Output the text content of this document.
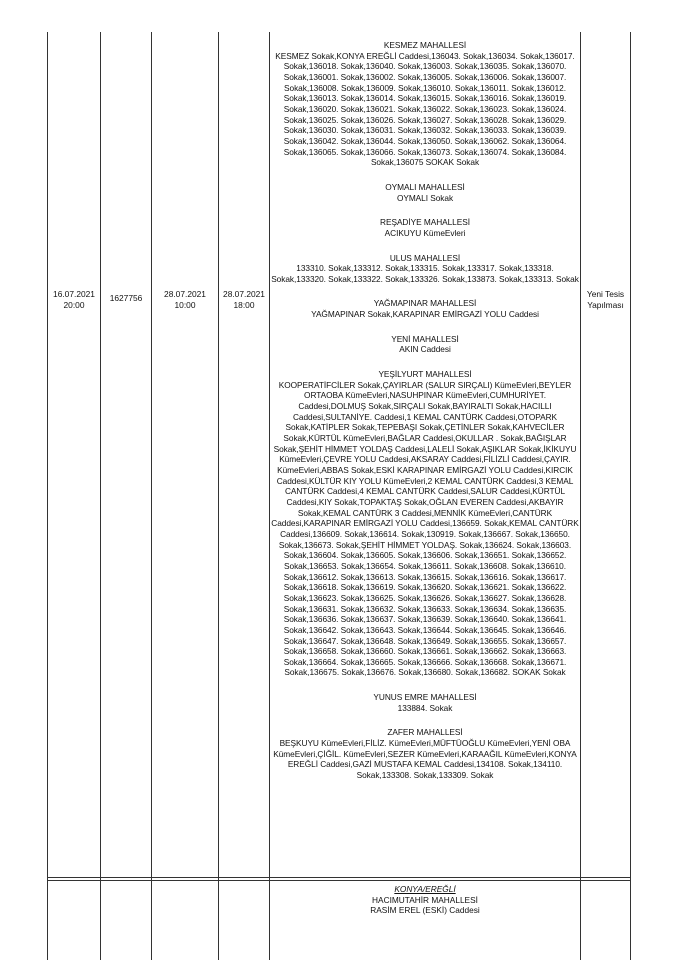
16.07.2021
20:00
1627756	28.07.2021
10:00
28.07.2021
18:00
Yeni Tesis
Yapılması
KESMEZ MAHALLESİ
KESMEZ Sokak,KONYA EREĞLİ Caddesi,136043. Sokak,136034. Sokak,136017. Sokak,136018. Sokak,136040. Sokak,136003. Sokak,136035. Sokak,136070. Sokak,136001. Sokak,136002. Sokak,136005. Sokak,136006. Sokak,136007. Sokak,136008. Sokak,136009. Sokak,136010. Sokak,136011. Sokak,136012. Sokak,136013. Sokak,136014. Sokak,136015. Sokak,136016. Sokak,136019. Sokak,136020. Sokak,136021. Sokak,136022. Sokak,136023. Sokak,136024. Sokak,136025. Sokak,136026. Sokak,136027. Sokak,136028. Sokak,136029. Sokak,136030. Sokak,136031. Sokak,136032. Sokak,136033. Sokak,136039. Sokak,136042. Sokak,136044. Sokak,136050. Sokak,136062. Sokak,136064. Sokak,136065. Sokak,136066. Sokak,136073. Sokak,136074. Sokak,136084. Sokak,136075 SOKAK Sokak
OYMALI MAHALLESİ
OYMALI Sokak
REŞADİYE MAHALLESİ
ACIKUYU KümeEvleri
ULUS MAHALLESİ
133310. Sokak,133312. Sokak,133315. Sokak,133317. Sokak,133318. Sokak,133320. Sokak,133322. Sokak,133326. Sokak,133873. Sokak,133313. Sokak
YAĞMAPINAR MAHALLESİ
YAĞMAPINAR Sokak,KARAPINAR EMİRGAZİ YOLU Caddesi
YENİ MAHALLESİ
AKIN Caddesi
YEŞİLYURT MAHALLESİ
KOOPERATİFCİLER Sokak,ÇAYIRLAR (SALUR SIRÇALI) KümeEvleri,BEYLER ORTAOBA KümeEvleri,NASUHPINAR KümeEvleri,CUMHURİYET. Caddesi,DOLMUŞ Sokak,SIRÇALI Sokak,BAYIRALTI Sokak,HACILLI Caddesi,SULTANİYE. Caddesi,1 KEMAL CANTÜRK Caddesi,OTOPARK Sokak,KATİPLER Sokak,TEPEBAŞI Sokak,ÇETİNLER Sokak,KAHVECİLER Sokak,KÜRTÜL KümeEvleri,BAĞLAR Caddesi,OKULLAR . Sokak,BAĞIŞLAR Sokak,ŞEHİT HİMMET YOLDAŞ Caddesi,LALELİ Sokak,AŞIKLAR Sokak,İKİKUYU KümeEvleri,ÇEVRE YOLU Caddesi,AKSARAY Caddesi,FİLİZLİ Caddesi,ÇAYIR. KümeEvleri,ABBAS Sokak,ESKİ KARAPINAR EMİRGAZİ YOLU Caddesi,KIRCIK Caddesi,KÜLTÜR KIY YOLU KümeEvleri,2 KEMAL CANTÜRK Caddesi,3 KEMAL CANTÜRK Caddesi,4 KEMAL CANTÜRK Caddesi,SALUR Caddesi,KÜRTÜL Caddesi,KIY Sokak,TOPAKTAŞ Sokak,OĞLAN EVEREN Caddesi,AKBAYIR Sokak,KEMAL CANTÜRK 3 Caddesi,MENNİK KümeEvleri,CANTÜRK Caddesi,KARAPINAR EMİRGAZİ YOLU Caddesi,136659. Sokak,KEMAL CANTÜRK Caddesi,136609. Sokak,136614. Sokak,130919. Sokak,136667. Sokak,136650. Sokak,136673. Sokak,ŞEHİT HİMMET YOLDAŞ. Sokak,136624. Sokak,136603. Sokak,136604. Sokak,136605. Sokak,136606. Sokak,136651. Sokak,136652. Sokak,136653. Sokak,136654. Sokak,136611. Sokak,136608. Sokak,136610. Sokak,136612. Sokak,136613. Sokak,136615. Sokak,136616. Sokak,136617. Sokak,136618. Sokak,136619. Sokak,136620. Sokak,136621. Sokak,136622. Sokak,136623. Sokak,136625. Sokak,136626. Sokak,136627. Sokak,136628. Sokak,136631. Sokak,136632. Sokak,136633. Sokak,136634. Sokak,136635. Sokak,136636. Sokak,136637. Sokak,136639. Sokak,136640. Sokak,136641. Sokak,136642. Sokak,136643. Sokak,136644. Sokak,136645. Sokak,136646. Sokak,136647. Sokak,136648. Sokak,136649. Sokak,136655. Sokak,136657. Sokak,136658. Sokak,136660. Sokak,136661. Sokak,136662. Sokak,136663. Sokak,136664. Sokak,136665. Sokak,136666. Sokak,136668. Sokak,136671. Sokak,136675. Sokak,136676. Sokak,136680. Sokak,136682. SOKAK Sokak
YUNUS EMRE MAHALLESİ
133884. Sokak
ZAFER MAHALLESİ
BEŞKUYU KümeEvleri,FİLİZ. KümeEvleri,MÜFTÜOĞLU KümeEvleri,YENİ OBA KümeEvleri,ÇİĞİL. KümeEvleri,SEZER KümeEvleri,KARAAĞIL KümeEvleri,KONYA EREĞLİ Caddesi,GAZİ MUSTAFA KEMAL Caddesi,134108. Sokak,134110. Sokak,133308. Sokak,133309. Sokak
KONYA/EREĞLİ
HACIMUTAHİR MAHALLESİ
RASİM EREL (ESKİ) Caddesi
